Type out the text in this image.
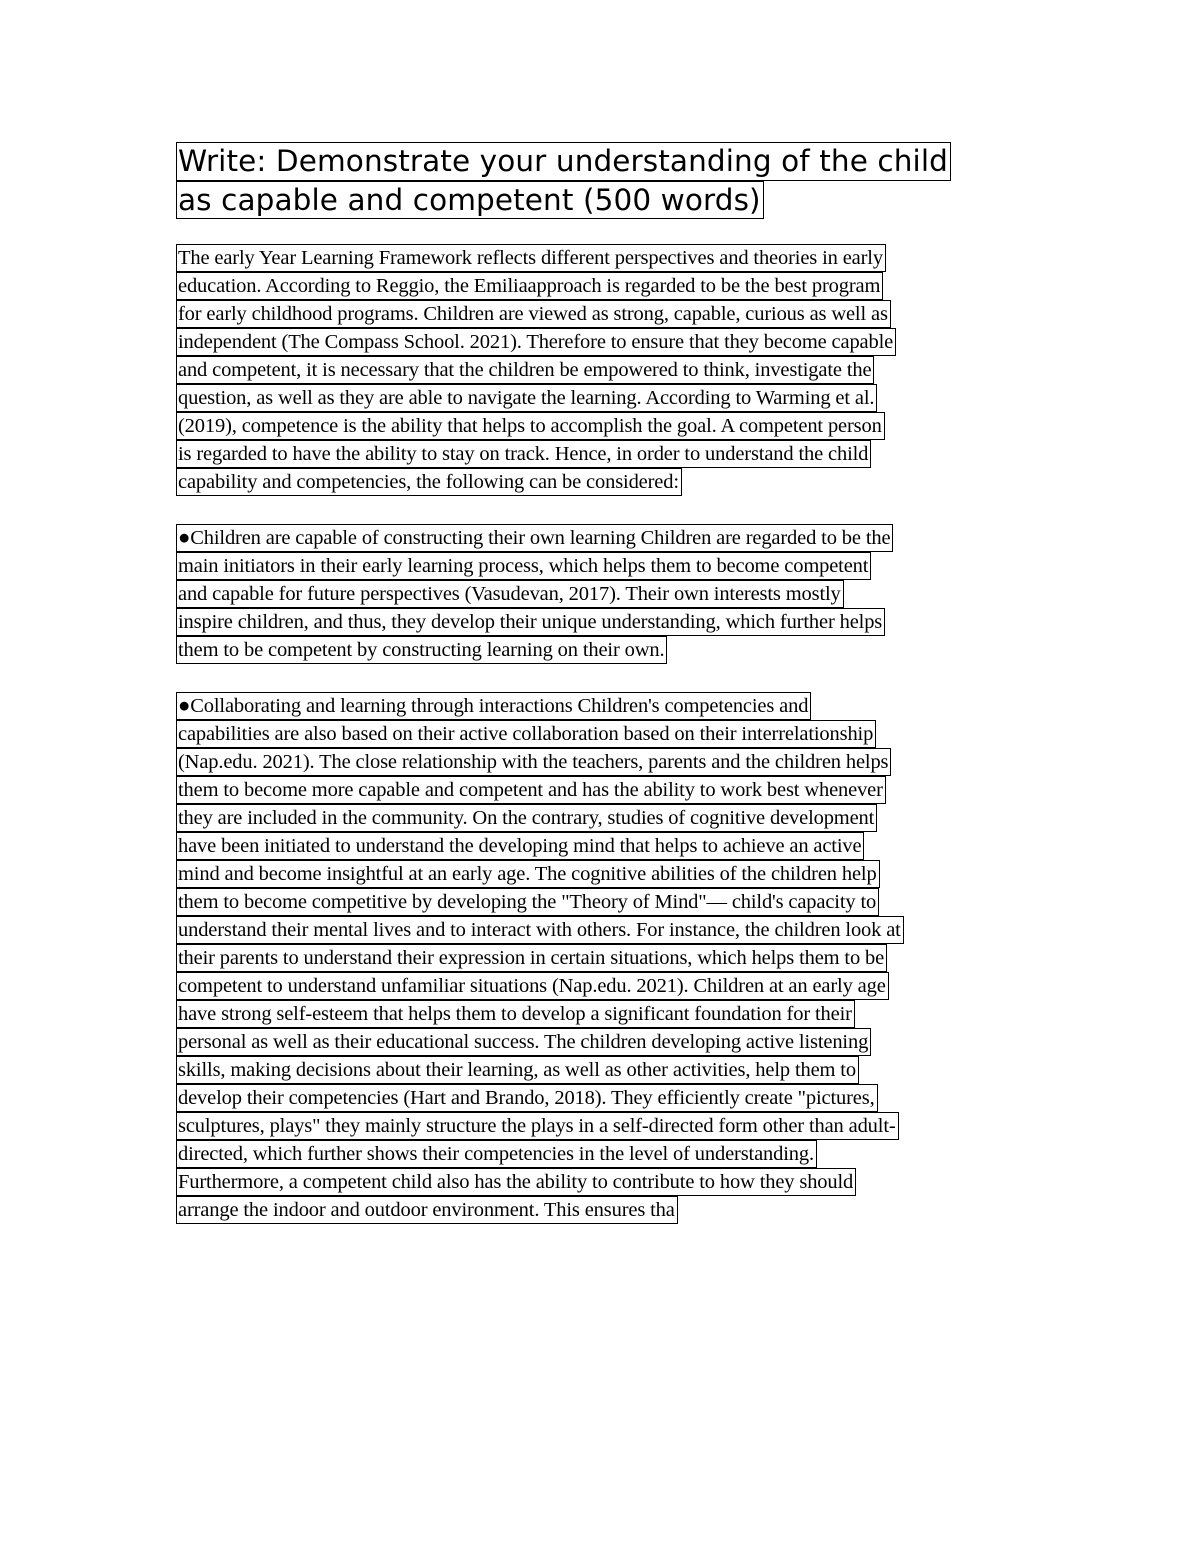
Write: Demonstrate your understanding of the child
as capable and competent (500 words)
The early Year Learning Framework reflects different perspectives and theories in early
education. According to Reggio, the Emiliaapproach is regarded to be the best program
for early childhood programs. Children are viewed as strong, capable, curious as well as
independent (The Compass School. 2021). Therefore to ensure that they become capable
and competent, it is necessary that the children be empowered to think, investigate the
question, as well as they are able to navigate the learning. According to Warming et al.
(2019), competence is the ability that helps to accomplish the goal. A competent person
is regarded to have the ability to stay on track. Hence, in order to understand the child
capability and competencies, the following can be considered:
●Children are capable of constructing their own learning Children are regarded to be the
main initiators in their early learning process, which helps them to become competent
and capable for future perspectives (Vasudevan, 2017). Their own interests mostly
inspire children, and thus, they develop their unique understanding, which further helps
them to be competent by constructing learning on their own.
●Collaborating and learning through interactions Children's competencies and
capabilities are also based on their active collaboration based on their interrelationship
(Nap.edu. 2021). The close relationship with the teachers, parents and the children helps
them to become more capable and competent and has the ability to work best whenever
they are included in the community. On the contrary, studies of cognitive development
have been initiated to understand the developing mind that helps to achieve an active
mind and become insightful at an early age. The cognitive abilities of the children help
them to become competitive by developing the "Theory of Mind"— child's capacity to
understand their mental lives and to interact with others. For instance, the children look at
their parents to understand their expression in certain situations, which helps them to be
competent to understand unfamiliar situations (Nap.edu. 2021). Children at an early age
have strong self-esteem that helps them to develop a significant foundation for their
personal as well as their educational success. The children developing active listening
skills, making decisions about their learning, as well as other activities, help them to
develop their competencies (Hart and Brando, 2018). They efficiently create "pictures,
sculptures, plays" they mainly structure the plays in a self-directed form other than adult-
directed, which further shows their competencies in the level of understanding.
Furthermore, a competent child also has the ability to contribute to how they should
arrange the indoor and outdoor environment. This ensures tha
